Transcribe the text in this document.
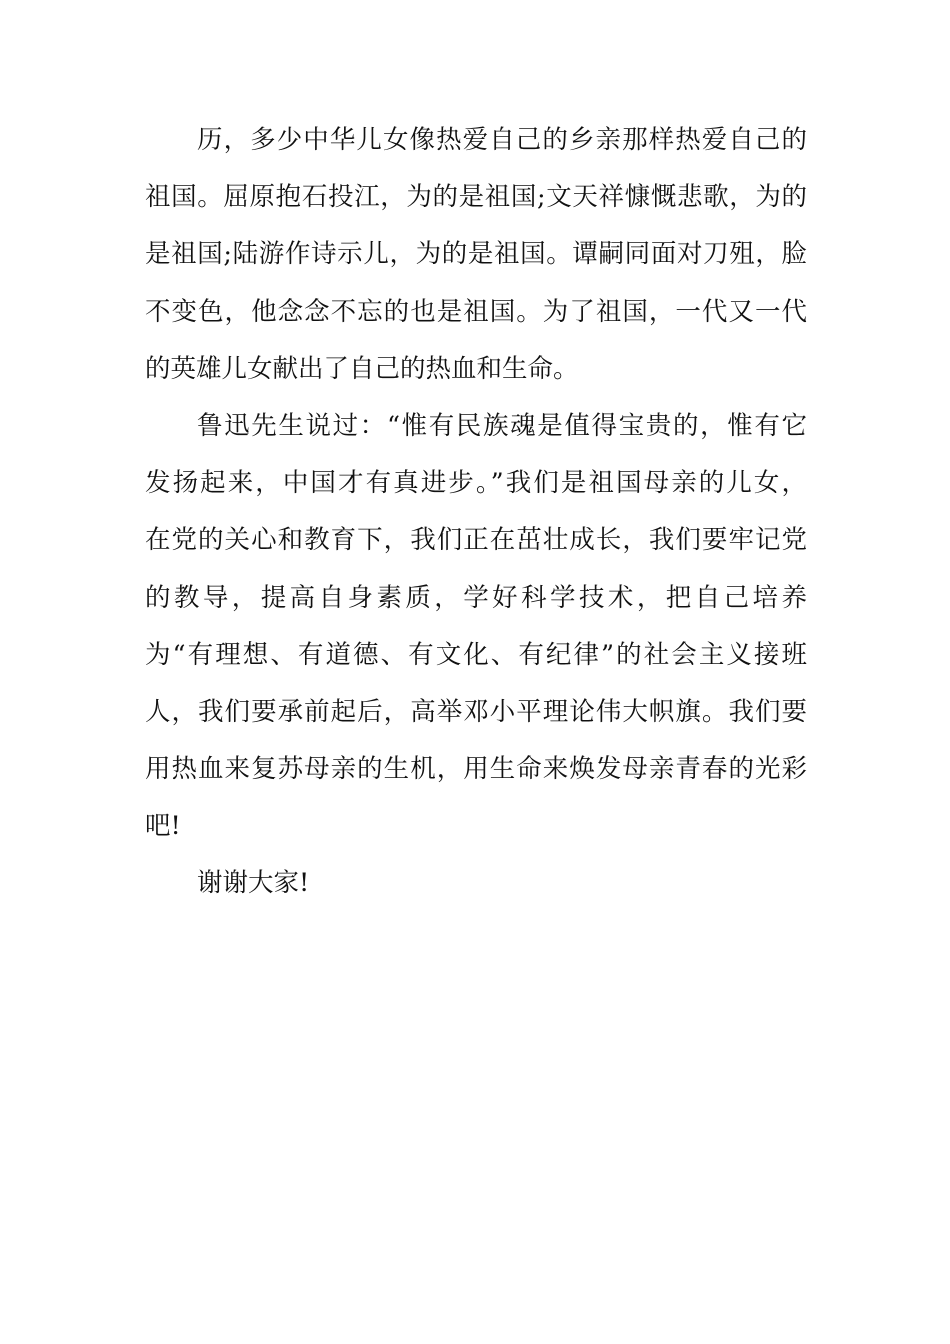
历，多少中华儿女像热爱自己的乡亲那样热爱自己的
祖国。屈原抱石投江，为的是祖国;文天祥慷慨悲歌，为的
是祖国;陆游作诗示儿，为的是祖国。谭嗣同面对刀殂，脸
不变色，他念念不忘的也是祖国。为了祖国，一代又一代
的英雄儿女献出了自己的热血和生命。
鲁迅先生说过：“惟有民族魂是值得宝贵的，惟有它
发扬起来，中国才有真进步。”我们是祖国母亲的儿女，
在党的关心和教育下，我们正在茁壮成长，我们要牢记党
的教导，提高自身素质，学好科学技术，把自己培养
为“有理想、有道德、有文化、有纪律”的社会主义接班
人，我们要承前起后，高举邓小平理论伟大帜旗。我们要
用热血来复苏母亲的生机，用生命来焕发母亲青春的光彩
吧!
谢谢大家!
